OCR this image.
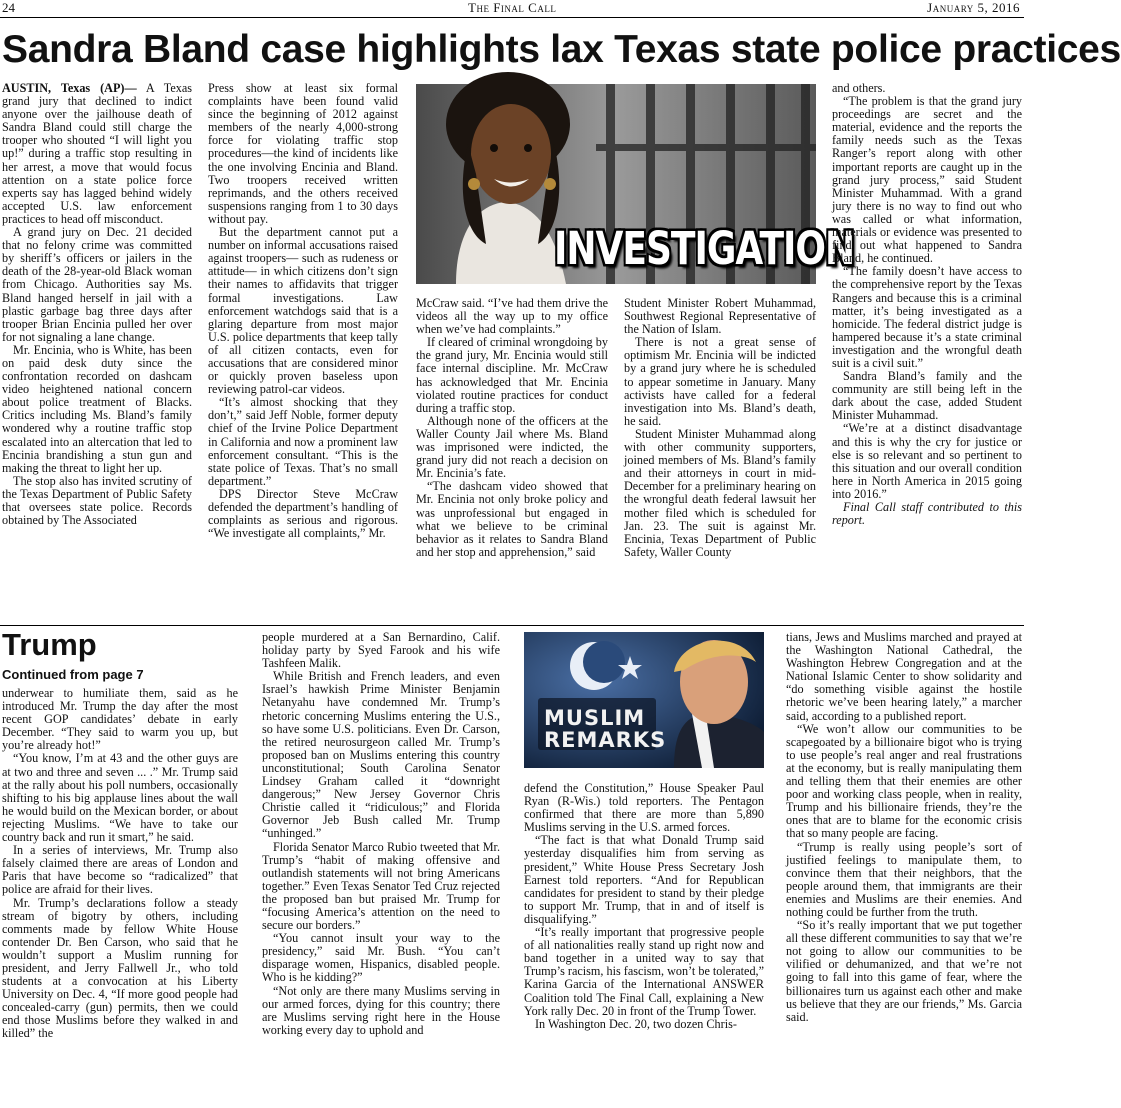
24	The Final Call	January 5, 2016
Sandra Bland case highlights lax Texas state police practices

AUSTIN, Texas (AP)— A Texas grand jury that declined to indict anyone over the jailhouse death of Sandra Bland could still charge the trooper who shouted “I will light you up!” during a traffic stop resulting in her arrest, a move that would focus attention on a state police force experts say has lagged behind widely accepted U.S. law enforcement practices to head off misconduct.

A grand jury on Dec. 21 decided that no felony crime was committed by sheriff’s officers or jailers in the death of the 28-year-old Black woman from Chicago. Authorities say Ms. Bland hanged herself in jail with a plastic garbage bag three days after trooper Brian Encinia pulled her over for not signaling a lane change.

Mr. Encinia, who is White, has been on paid desk duty since the confrontation recorded on dashcam video heightened national concern about police treatment of Blacks. Critics including Ms. Bland’s family wondered why a routine traffic stop escalated into an altercation that led to Encinia brandishing a stun gun and making the threat to light her up.

The stop also has invited scrutiny of the Texas Department of Public Safety that oversees state police. Records obtained by The Associated

Press show at least six formal complaints have been found valid since the beginning of 2012 against members of the nearly 4,000-strong force for violating traffic stop procedures—the kind of incidents like the one involving Encinia and Bland. Two troopers received written reprimands, and the others received suspensions ranging from 1 to 30 days without pay.

But the department cannot put a number on informal accusations raised against troopers— such as rudeness or attitude— in which citizens don’t sign their names to affidavits that trigger formal investigations. Law enforcement watchdogs said that is a glaring departure from most major U.S. police departments that keep tally of all citizen contacts, even for accusations that are considered minor or quickly proven baseless upon reviewing patrol-car videos.

“It’s almost shocking that they don’t,” said Jeff Noble, former deputy chief of the Irvine Police Department in California and now a prominent law enforcement consultant. “This is the state police of Texas. That’s no small department.”

DPS Director Steve McCraw defended the department’s handling of complaints as serious and rigorous. “We investigate all complaints,” Mr.

INVESTIGATION

McCraw said. “I’ve had them drive the videos all the way up to my office when we’ve had complaints.”

If cleared of criminal wrongdoing by the grand jury, Mr. Encinia would still face internal discipline. Mr. McCraw has acknowledged that Mr. Encinia violated routine practices for conduct during a traffic stop.

Although none of the officers at the Waller County Jail where Ms. Bland was imprisoned were indicted, the grand jury did not reach a decision on Mr. Encinia’s fate.

“The dashcam video showed that Mr. Encinia not only broke policy and was unprofessional but engaged in what we believe to be criminal behavior as it relates to Sandra Bland and her stop and apprehension,” said

Student Minister Robert Muhammad, Southwest Regional Representative of the Nation of Islam.

There is not a great sense of optimism Mr. Encinia will be indicted by a grand jury where he is scheduled to appear sometime in January. Many activists have called for a federal investigation into Ms. Bland’s death, he said.

Student Minister Muhammad along with other community supporters, joined members of Ms. Bland’s family and their attorneys in court in mid-December for a preliminary hearing on the wrongful death federal lawsuit her mother filed which is scheduled for Jan. 23. The suit is against Mr. Encinia, Texas Department of Public Safety, Waller County

and others.

“The problem is that the grand jury proceedings are secret and the material, evidence and the reports the family needs such as the Texas Ranger’s report along with other important reports are caught up in the grand jury process,” said Student Minister Muhammad. With a grand jury there is no way to find out who was called or what information, materials or evidence was presented to find out what happened to Sandra Bland, he continued.

“The family doesn’t have access to the comprehensive report by the Texas Rangers and because this is a criminal matter, it’s being investigated as a homicide. The federal district judge is hampered because it’s a state criminal investigation and the wrongful death suit is a civil suit.”

Sandra Bland’s family and the community are still being left in the dark about the case, added Student Minister Muhammad.

“We’re at a distinct disadvantage and this is why the cry for justice or else is so relevant and so pertinent to this situation and our overall condition here in North America in 2015 going into 2016.”

Final Call staff contributed to this report.

Trump
Continued from page 7

underwear to humiliate them, said as he introduced Mr. Trump the day after the most recent GOP candidates’ debate in early December. “They said to warm you up, but you’re already hot!”

“You know, I’m at 43 and the other guys are at two and three and seven ... .” Mr. Trump said at the rally about his poll numbers, occasionally shifting to his big applause lines about the wall he would build on the Mexican border, or about rejecting Muslims. “We have to take our country back and run it smart,” he said.

In a series of interviews, Mr. Trump also falsely claimed there are areas of London and Paris that have become so “radicalized” that police are afraid for their lives.

Mr. Trump’s declarations follow a steady stream of bigotry by others, including comments made by fellow White House contender Dr. Ben Carson, who said that he wouldn’t support a Muslim running for president, and Jerry Fallwell Jr., who told students at a convocation at his Liberty University on Dec. 4, “If more good people had concealed-carry (gun) permits, then we could end those Muslims before they walked in and killed” the

people murdered at a San Bernardino, Calif. holiday party by Syed Farook and his wife Tashfeen Malik.

While British and French leaders, and even Israel’s hawkish Prime Minister Benjamin Netanyahu have condemned Mr. Trump’s rhetoric concerning Muslims entering the U.S., so have some U.S. politicians. Even Dr. Carson, the retired neurosurgeon called Mr. Trump’s proposed ban on Muslims entering this country unconstitutional; South Carolina Senator Lindsey Graham called it “downright dangerous;” New Jersey Governor Chris Christie called it “ridiculous;” and Florida Governor Jeb Bush called Mr. Trump “unhinged.”

Florida Senator Marco Rubio tweeted that Mr. Trump’s “habit of making offensive and outlandish statements will not bring Americans together.” Even Texas Senator Ted Cruz rejected the proposed ban but praised Mr. Trump for “focusing America’s attention on the need to secure our borders.”

“You cannot insult your way to the presidency,” said Mr. Bush. “You can’t disparage women, Hispanics, disabled people. Who is he kidding?”

“Not only are there many Muslims serving in our armed forces, dying for this country; there are Muslims serving right here in the House working every day to uphold and

MUSLIM
REMARKS

defend the Constitution,” House Speaker Paul Ryan (R-Wis.) told reporters. The Pentagon confirmed that there are more than 5,890 Muslims serving in the U.S. armed forces.

“The fact is that what Donald Trump said yesterday disqualifies him from serving as president,” White House Press Secretary Josh Earnest told reporters. “And for Republican candidates for president to stand by their pledge to support Mr. Trump, that in and of itself is disqualifying.”

“It’s really important that progressive people of all nationalities really stand up right now and band together in a united way to say that Trump’s racism, his fascism, won’t be tolerated,” Karina Garcia of the International ANSWER Coalition told The Final Call, explaining a New York rally Dec. 20 in front of the Trump Tower.

In Washington Dec. 20, two dozen Chris-

tians, Jews and Muslims marched and prayed at the Washington National Cathedral, the Washington Hebrew Congregation and at the National Islamic Center to show solidarity and “do something visible against the hostile rhetoric we’ve been hearing lately,” a marcher said, according to a published report.

“We won’t allow our communities to be scapegoated by a billionaire bigot who is trying to use people’s real anger and real frustrations at the economy, but is really manipulating them and telling them that their enemies are other poor and working class people, when in reality, Trump and his billionaire friends, they’re the ones that are to blame for the economic crisis that so many people are facing.

“Trump is really using people’s sort of justified feelings to manipulate them, to convince them that their neighbors, that the people around them, that immigrants are their enemies and Muslims are their enemies. And nothing could be further from the truth.

“So it’s really important that we put together all these different communities to say that we’re not going to allow our communities to be vilified or dehumanized, and that we’re not going to fall into this game of fear, where the billionaires turn us against each other and make us believe that they are our friends,” Ms. Garcia said.
